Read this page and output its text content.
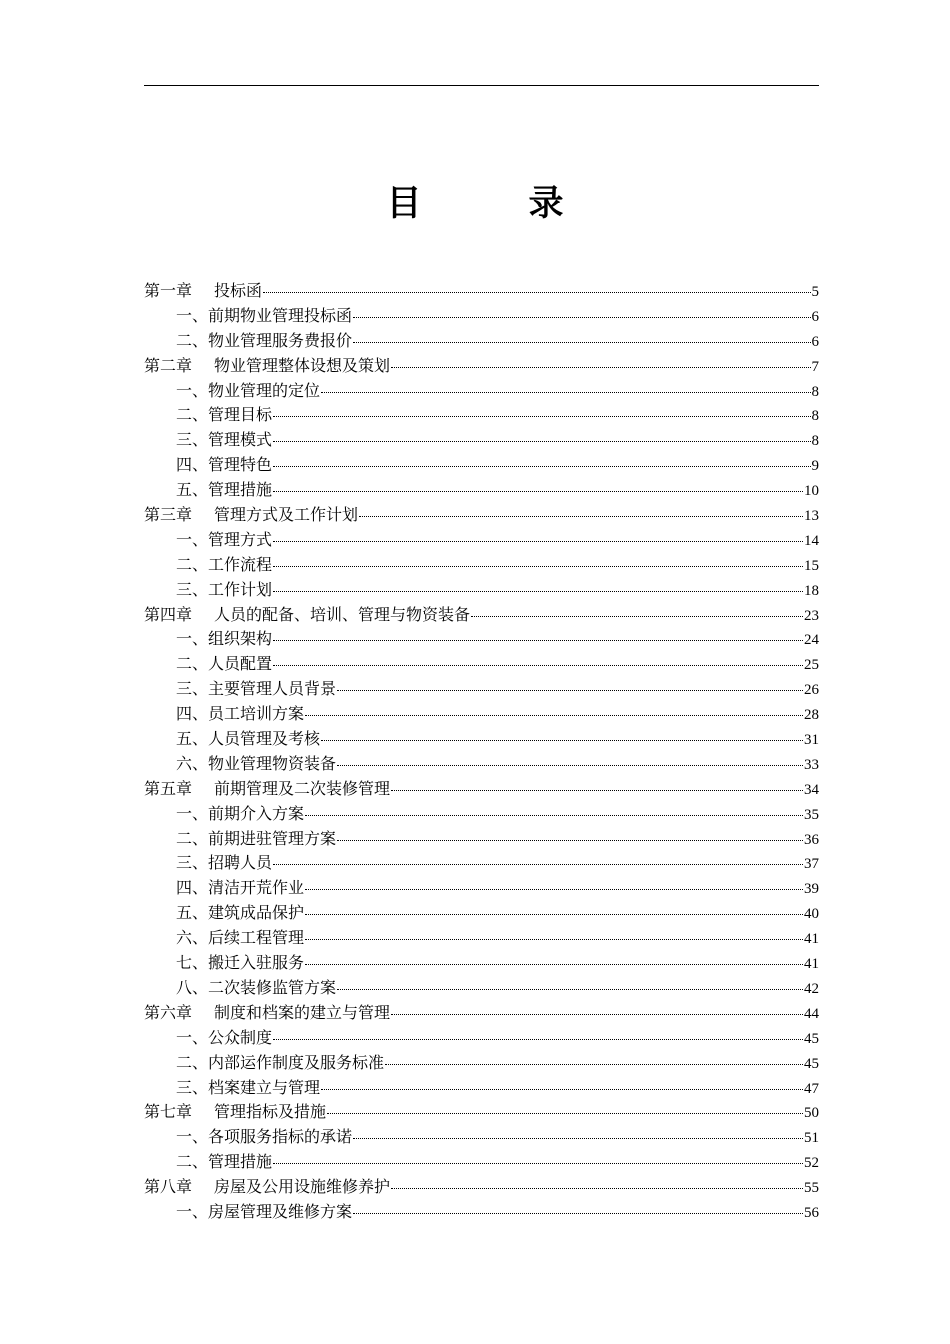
目　录
第一章 投标函	5
一、前期物业管理投标函	6
二、物业管理服务费报价	6
第二章 物业管理整体设想及策划	7
一、物业管理的定位	8
二、管理目标	8
三、管理模式	8
四、管理特色	9
五、管理措施	10
第三章 管理方式及工作计划	13
一、管理方式	14
二、工作流程	15
三、工作计划	18
第四章 人员的配备、培训、管理与物资装备	23
一、组织架构	24
二、人员配置	25
三、主要管理人员背景	26
四、员工培训方案	28
五、人员管理及考核	31
六、物业管理物资装备	33
第五章 前期管理及二次装修管理	34
一、前期介入方案	35
二、前期进驻管理方案	36
三、招聘人员	37
四、清洁开荒作业	39
五、建筑成品保护	40
六、后续工程管理	41
七、搬迁入驻服务	41
八、二次装修监管方案	42
第六章 制度和档案的建立与管理	44
一、公众制度	45
二、内部运作制度及服务标准	45
三、档案建立与管理	47
第七章 管理指标及措施	50
一、各项服务指标的承诺	51
二、管理措施	52
第八章 房屋及公用设施维修养护	55
一、房屋管理及维修方案	56
